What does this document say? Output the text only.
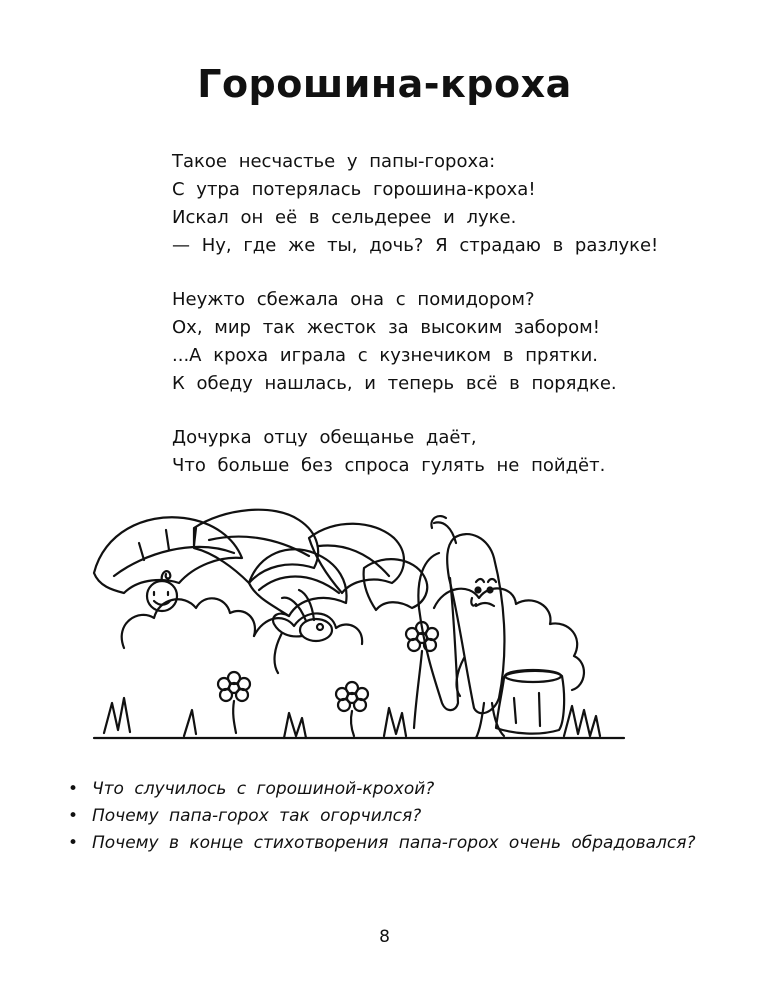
Горошина-кроха
Такое несчастье у папы-гороха:
С утра потерялась горошина-кроха!
Искал он её в сельдерее и луке.
— Ну, где же ты, дочь? Я страдаю в разлуке!
Неужто сбежала она с помидором?
Ох, мир так жесток за высоким забором!
...А кроха играла с кузнечиком в прятки.
К обеду нашлась, и теперь всё в порядке.
Дочурка отцу обещанье даёт,
Что больше без спроса гулять не пойдёт.
• Что случилось с горошиной-крохой?
• Почему папа-горох так огорчился?
• Почему в конце стихотворения папа-горох очень обрадовался?
8
